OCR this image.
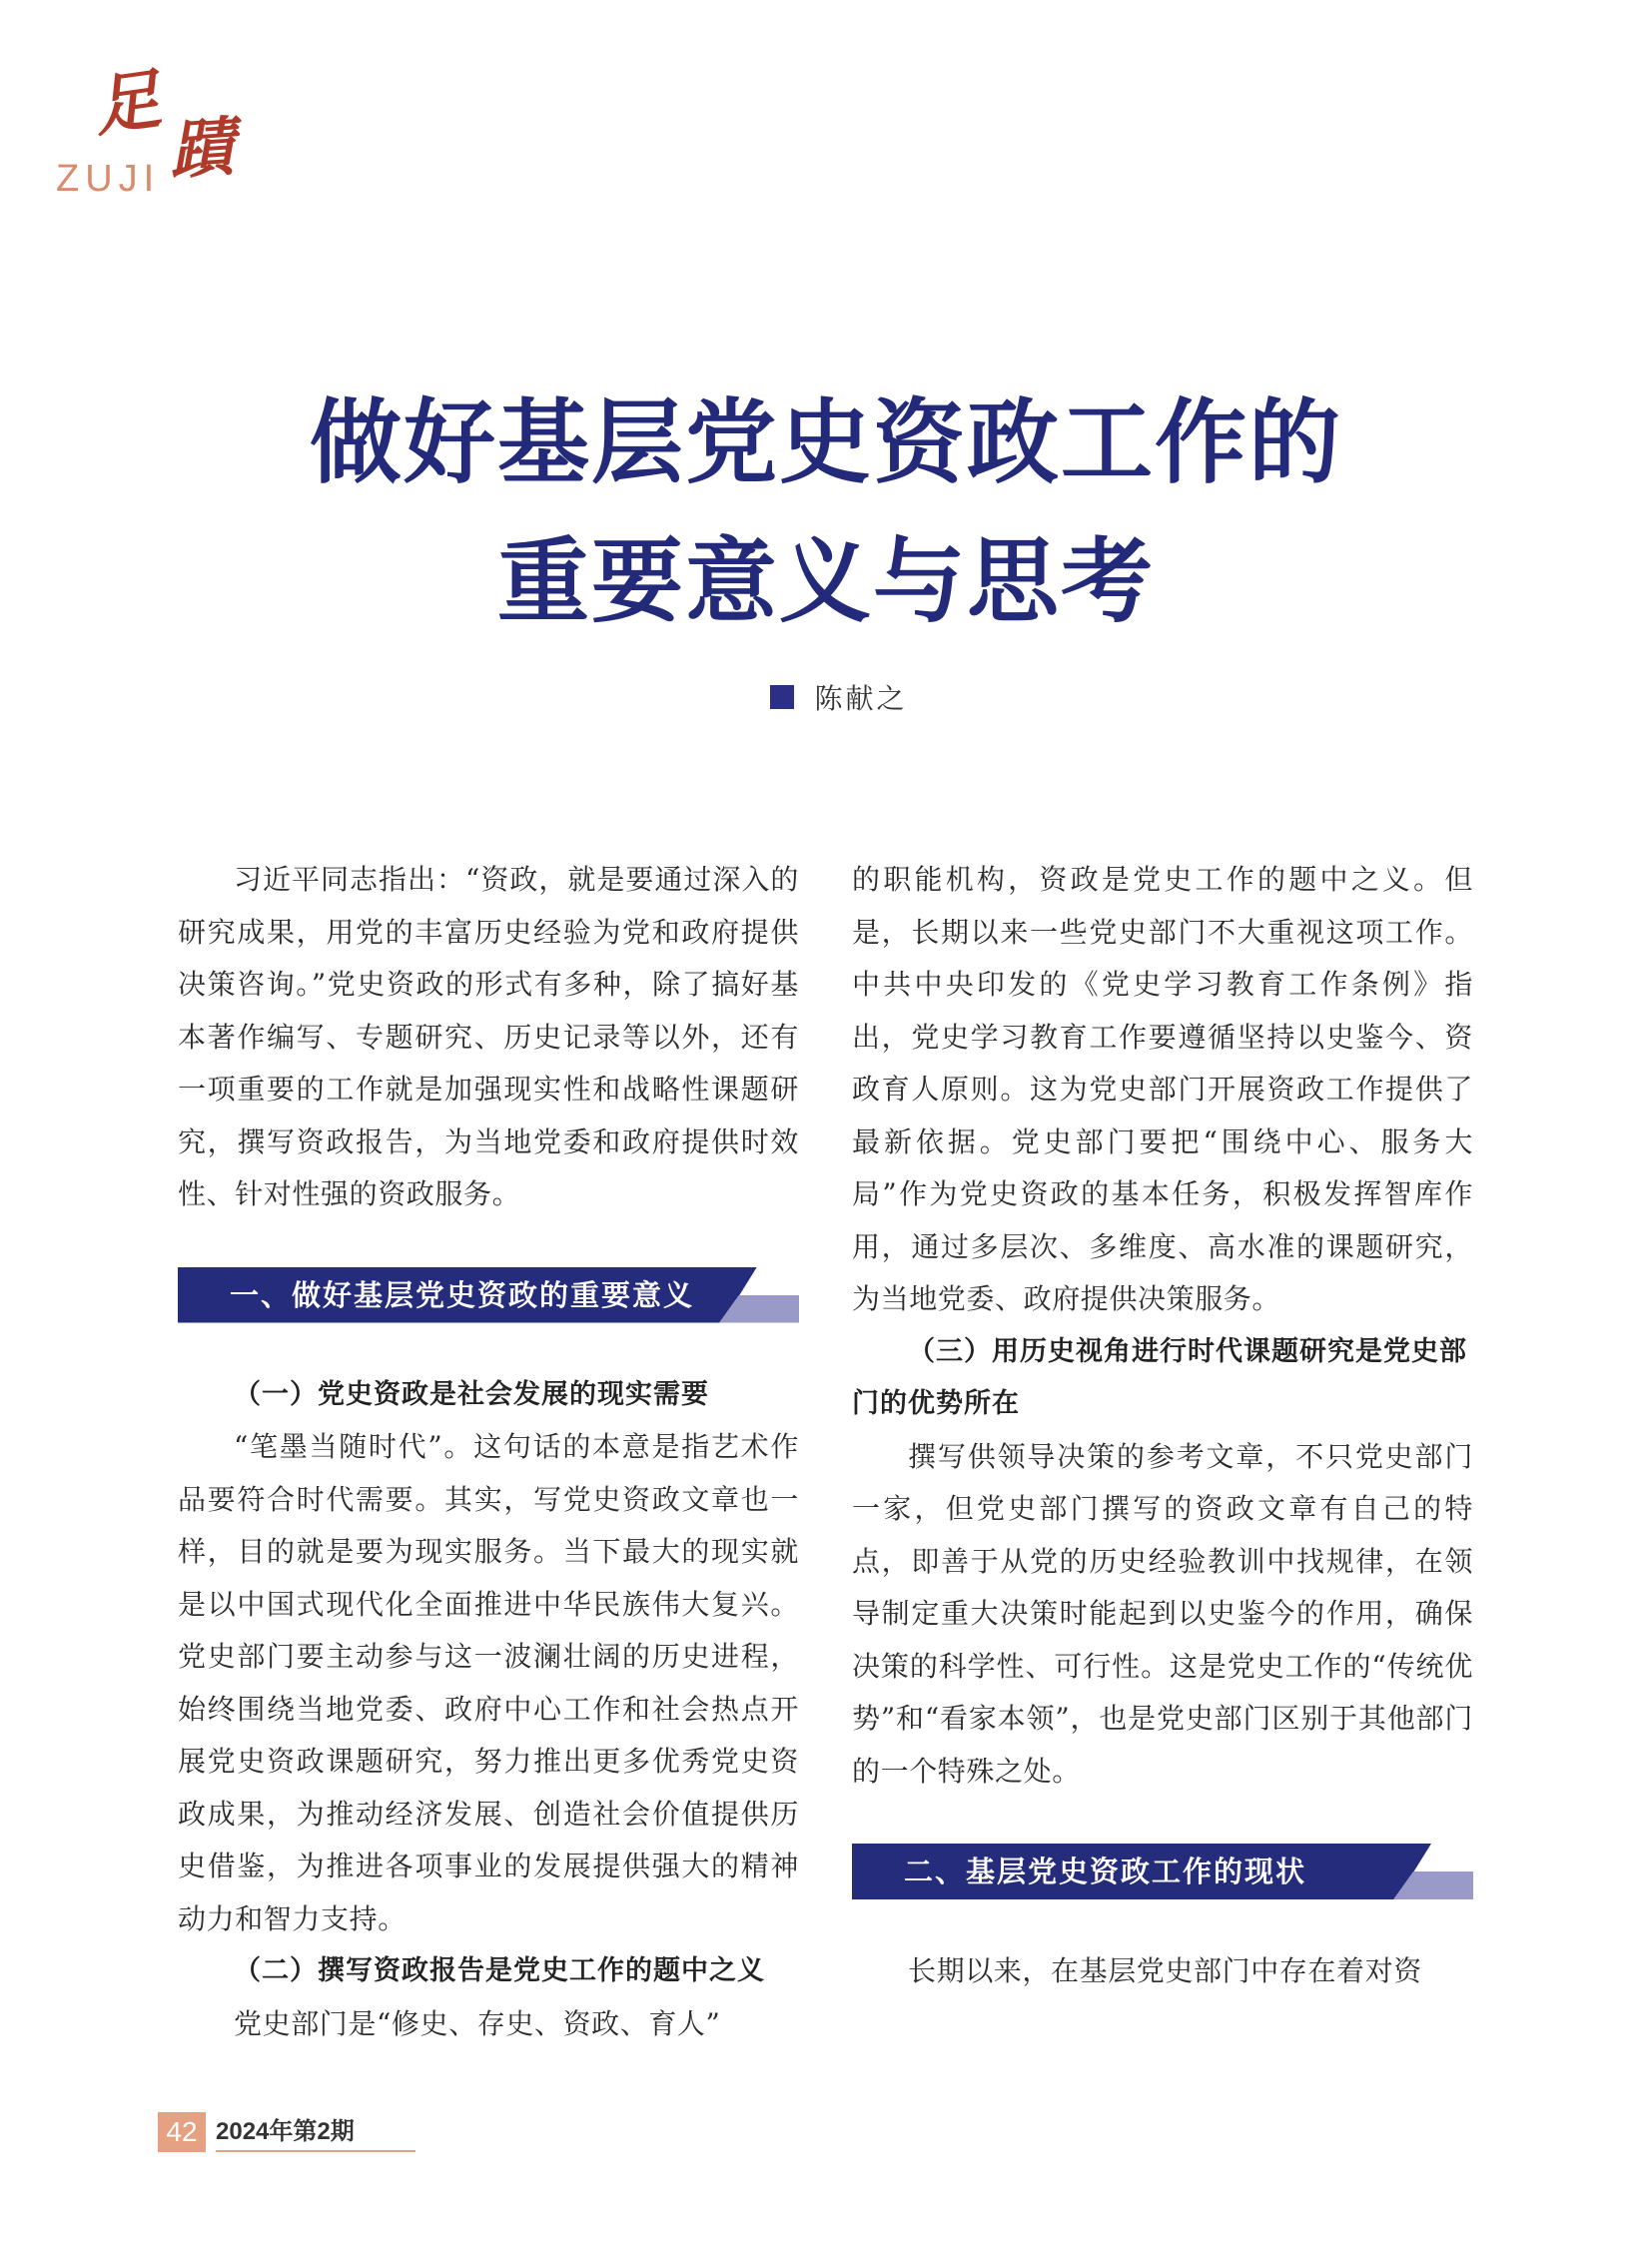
足
蹟
ZUJI
做好基层党史资政工作的
重要意义与思考
陈献之

习近平同志指出：“资政，就是要通过深入的研究成果，用党的丰富历史经验为党和政府提供决策咨询。”党史资政的形式有多种，除了搞好基本著作编写、专题研究、历史记录等以外，还有一项重要的工作就是加强现实性和战略性课题研究，撰写资政报告，为当地党委和政府提供时效性、针对性强的资政服务。

一、做好基层党史资政的重要意义

（一）党史资政是社会发展的现实需要

“笔墨当随时代”。这句话的本意是指艺术作品要符合时代需要。其实，写党史资政文章也一样，目的就是要为现实服务。当下最大的现实就是以中国式现代化全面推进中华民族伟大复兴。党史部门要主动参与这一波澜壮阔的历史进程，始终围绕当地党委、政府中心工作和社会热点开展党史资政课题研究，努力推出更多优秀党史资政成果，为推动经济发展、创造社会价值提供历史借鉴，为推进各项事业的发展提供强大的精神动力和智力支持。

（二）撰写资政报告是党史工作的题中之义

党史部门是“修史、存史、资政、育人”

的职能机构，资政是党史工作的题中之义。但是，长期以来一些党史部门不大重视这项工作。中共中央印发的《党史学习教育工作条例》指出，党史学习教育工作要遵循坚持以史鉴今、资政育人原则。这为党史部门开展资政工作提供了最新依据。党史部门要把“围绕中心、服务大局”作为党史资政的基本任务，积极发挥智库作用，通过多层次、多维度、高水准的课题研究，为当地党委、政府提供决策服务。

（三）用历史视角进行时代课题研究是党史部门的优势所在

撰写供领导决策的参考文章，不只党史部门一家，但党史部门撰写的资政文章有自己的特点，即善于从党的历史经验教训中找规律，在领导制定重大决策时能起到以史鉴今的作用，确保决策的科学性、可行性。这是党史工作的“传统优势”和“看家本领”，也是党史部门区别于其他部门的一个特殊之处。

二、基层党史资政工作的现状

长期以来，在基层党史部门中存在着对资

42 2024年第2期
